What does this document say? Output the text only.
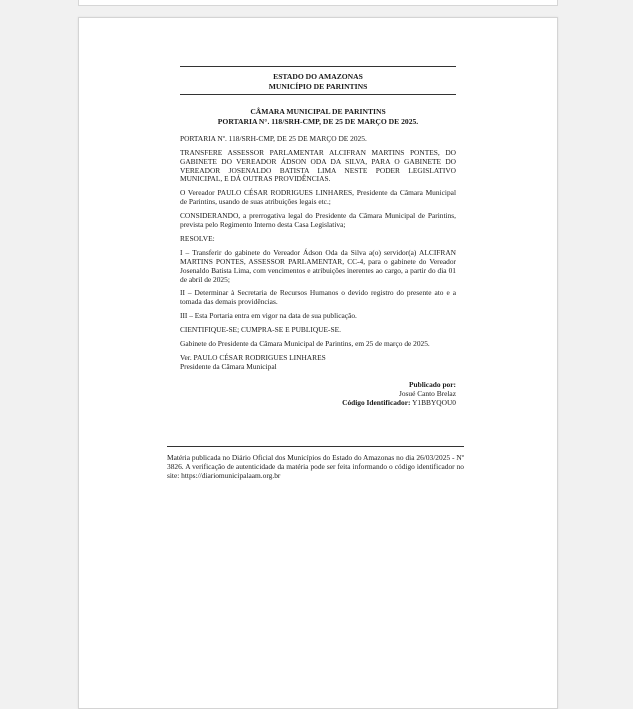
ESTADO DO AMAZONAS
MUNICÍPIO DE PARINTINS
CÂMARA MUNICIPAL DE PARINTINS
PORTARIA N°. 118/SRH-CMP, DE 25 DE MARÇO DE 2025.

PORTARIA Nº. 118/SRH-CMP, DE 25 DE MARÇO DE 2025.

TRANSFERE ASSESSOR PARLAMENTAR ALCIFRAN MARTINS PONTES, DO GABINETE DO VEREADOR ÁDSON ODA DA SILVA, PARA O GABINETE DO VEREADOR JOSENALDO BATISTA LIMA NESTE PODER LEGISLATIVO MUNICIPAL, E DÁ OUTRAS PROVIDÊNCIAS.

O Vereador PAULO CÉSAR RODRIGUES LINHARES, Presidente da Câmara Municipal de Parintins, usando de suas atribuições legais etc.;

CONSIDERANDO, a prerrogativa legal do Presidente da Câmara Municipal de Parintins, prevista pelo Regimento Interno desta Casa Legislativa;

RESOLVE:

I – Transferir do gabinete do Vereador Ádson Oda da Silva a(o) servidor(a) ALCIFRAN MARTINS PONTES, ASSESSOR PARLAMENTAR, CC-4, para o gabinete do Vereador Josenaldo Batista Lima, com vencimentos e atribuições inerentes ao cargo, a partir do dia 01 de abril de 2025;

II – Determinar à Secretaria de Recursos Humanos o devido registro do presente ato e a tomada das demais providências.

III – Esta Portaria entra em vigor na data de sua publicação.

CIENTIFIQUE-SE; CUMPRA-SE E PUBLIQUE-SE.

Gabinete do Presidente da Câmara Municipal de Parintins, em 25 de março de 2025.

Ver. PAULO CÉSAR RODRIGUES LINHARES

Presidente da Câmara Municipal

Publicado por:
Josué Canto Brelaz
Código Identificador: Y1BBYQOU0
Matéria publicada no Diário Oficial dos Municípios do Estado do Amazonas no dia 26/03/2025 - Nº 3826. A verificação de autenticidade da matéria pode ser feita informando o código identificador no site: https://diariomunicipalaam.org.br
